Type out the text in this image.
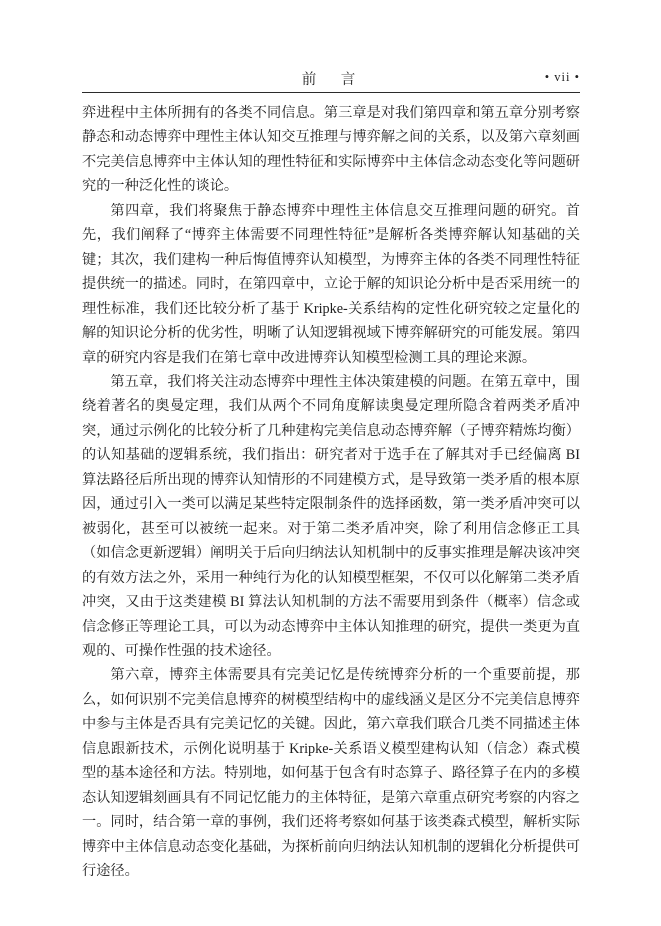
前　言	• vii •

弈进程中主体所拥有的各类不同信息。第三章是对我们第四章和第五章分别考察静态和动态博弈中理性主体认知交互推理与博弈解之间的关系，以及第六章刻画不完美信息博弈中主体认知的理性特征和实际博弈中主体信念动态变化等问题研究的一种泛化性的谈论。

第四章，我们将聚焦于静态博弈中理性主体信息交互推理问题的研究。首先，我们阐释了“博弈主体需要不同理性特征”是解析各类博弈解认知基础的关键；其次，我们建构一种后悔值博弈认知模型，为博弈主体的各类不同理性特征提供统一的描述。同时，在第四章中，立论于解的知识论分析中是否采用统一的理性标准，我们还比较分析了基于 Kripke-关系结构的定性化研究较之定量化的解的知识论分析的优劣性，明晰了认知逻辑视域下博弈解研究的可能发展。第四章的研究内容是我们在第七章中改进博弈认知模型检测工具的理论来源。

第五章，我们将关注动态博弈中理性主体决策建模的问题。在第五章中，围绕着著名的奥曼定理，我们从两个不同角度解读奥曼定理所隐含着两类矛盾冲突，通过示例化的比较分析了几种建构完美信息动态博弈解（子博弈精炼均衡）的认知基础的逻辑系统，我们指出：研究者对于选手在了解其对手已经偏离 BI 算法路径后所出现的博弈认知情形的不同建模方式，是导致第一类矛盾的根本原因，通过引入一类可以满足某些特定限制条件的选择函数，第一类矛盾冲突可以被弱化，甚至可以被统一起来。对于第二类矛盾冲突，除了利用信念修正工具（如信念更新逻辑）阐明关于后向归纳法认知机制中的反事实推理是解决该冲突的有效方法之外，采用一种纯行为化的认知模型框架，不仅可以化解第二类矛盾冲突，又由于这类建模 BI 算法认知机制的方法不需要用到条件（概率）信念或信念修正等理论工具，可以为动态博弈中主体认知推理的研究，提供一类更为直观的、可操作性强的技术途径。

第六章，博弈主体需要具有完美记忆是传统博弈分析的一个重要前提，那么，如何识别不完美信息博弈的树模型结构中的虚线涵义是区分不完美信息博弈中参与主体是否具有完美记忆的关键。因此，第六章我们联合几类不同描述主体信息跟新技术，示例化说明基于 Kripke-关系语义模型建构认知（信念）森式模型的基本途径和方法。特别地，如何基于包含有时态算子、路径算子在内的多模态认知逻辑刻画具有不同记忆能力的主体特征，是第六章重点研究考察的内容之一。同时，结合第一章的事例，我们还将考察如何基于该类森式模型，解析实际博弈中主体信息动态变化基础，为探析前向归纳法认知机制的逻辑化分析提供可行途径。
